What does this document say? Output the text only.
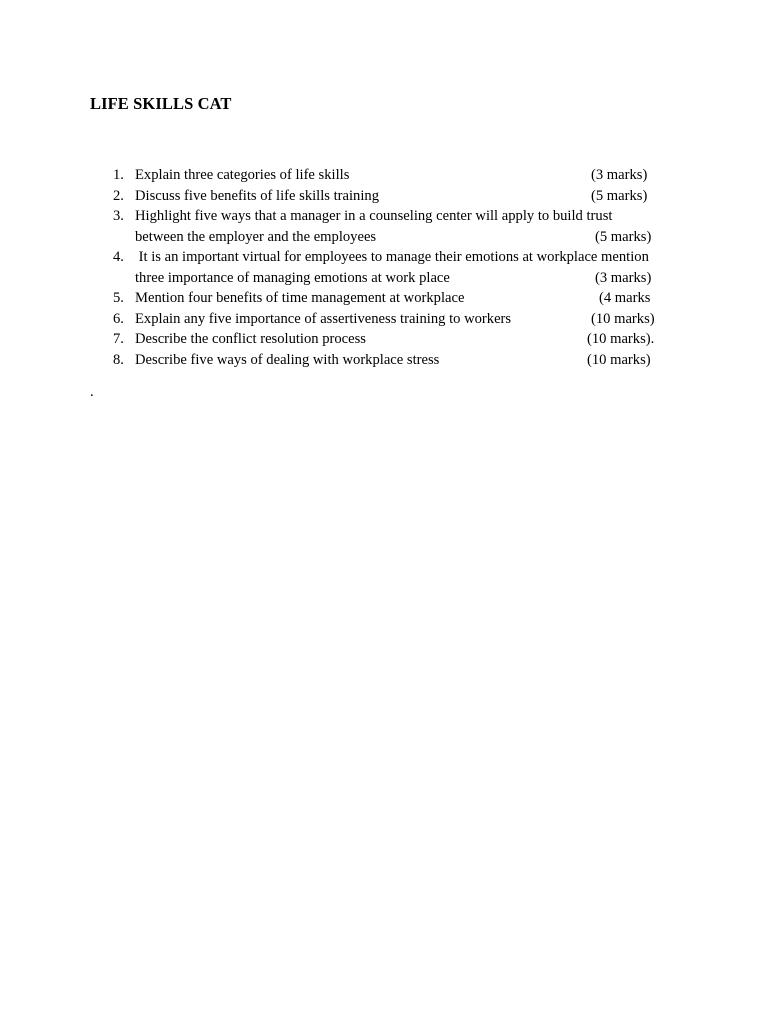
LIFE SKILLS CAT
1. Explain three categories of life skills	(3 marks)
2. Discuss five benefits of life skills training	(5 marks)
3. Highlight five ways that a manager in a counseling center will apply to build trust
between the employer and the employees	(5 marks)
4. It is an important virtual for employees to manage their emotions at workplace mention
three importance of managing emotions at work place	(3 marks)
5. Mention four benefits of time management at workplace	(4 marks
6. Explain any five importance of assertiveness training to workers	(10 marks)
7. Describe the conflict resolution process	(10 marks).
8. Describe five ways of dealing with workplace stress	(10 marks)
.
